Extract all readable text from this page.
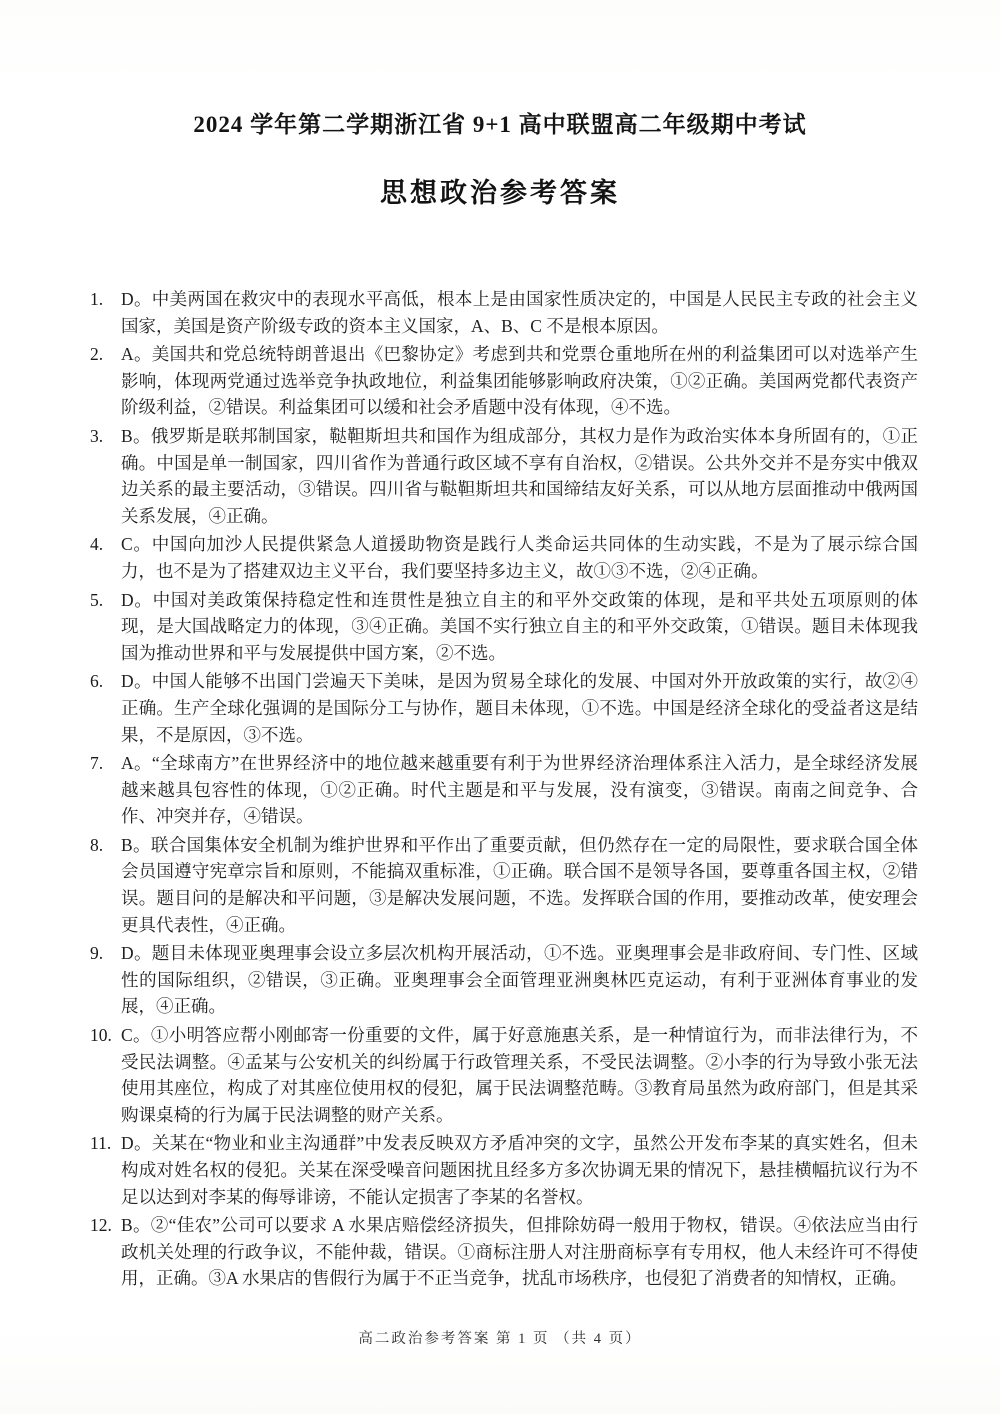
2024 学年第二学期浙江省 9+1 高中联盟高二年级期中考试
思想政治参考答案
1.	D。中美两国在救灾中的表现水平高低，根本上是由国家性质决定的，中国是人民民主专政的社会主义国家，美国是资产阶级专政的资本主义国家，A、B、C 不是根本原因。
2.	A。美国共和党总统特朗普退出《巴黎协定》考虑到共和党票仓重地所在州的利益集团可以对选举产生影响，体现两党通过选举竞争执政地位，利益集团能够影响政府决策，①②正确。美国两党都代表资产阶级利益，②错误。利益集团可以缓和社会矛盾题中没有体现，④不选。
3.	B。俄罗斯是联邦制国家，鞑靼斯坦共和国作为组成部分，其权力是作为政治实体本身所固有的，①正确。中国是单一制国家，四川省作为普通行政区域不享有自治权，②错误。公共外交并不是夯实中俄双边关系的最主要活动，③错误。四川省与鞑靼斯坦共和国缔结友好关系，可以从地方层面推动中俄两国关系发展，④正确。
4.	C。中国向加沙人民提供紧急人道援助物资是践行人类命运共同体的生动实践，不是为了展示综合国力，也不是为了搭建双边主义平台，我们要坚持多边主义，故①③不选，②④正确。
5.	D。中国对美政策保持稳定性和连贯性是独立自主的和平外交政策的体现，是和平共处五项原则的体现，是大国战略定力的体现，③④正确。美国不实行独立自主的和平外交政策，①错误。题目未体现我国为推动世界和平与发展提供中国方案，②不选。
6.	D。中国人能够不出国门尝遍天下美味，是因为贸易全球化的发展、中国对外开放政策的实行，故②④正确。生产全球化强调的是国际分工与协作，题目未体现，①不选。中国是经济全球化的受益者这是结果，不是原因，③不选。
7.	A。“全球南方”在世界经济中的地位越来越重要有利于为世界经济治理体系注入活力，是全球经济发展越来越具包容性的体现，①②正确。时代主题是和平与发展，没有演变，③错误。南南之间竞争、合作、冲突并存，④错误。
8.	B。联合国集体安全机制为维护世界和平作出了重要贡献，但仍然存在一定的局限性，要求联合国全体会员国遵守宪章宗旨和原则，不能搞双重标准，①正确。联合国不是领导各国，要尊重各国主权，②错误。题目问的是解决和平问题，③是解决发展问题，不选。发挥联合国的作用，要推动改革，使安理会更具代表性，④正确。
9.	D。题目未体现亚奥理事会设立多层次机构开展活动，①不选。亚奥理事会是非政府间、专门性、区域性的国际组织，②错误，③正确。亚奥理事会全面管理亚洲奥林匹克运动，有利于亚洲体育事业的发展，④正确。
10. C。①小明答应帮小刚邮寄一份重要的文件，属于好意施惠关系，是一种情谊行为，而非法律行为，不受民法调整。④孟某与公安机关的纠纷属于行政管理关系，不受民法调整。②小李的行为导致小张无法使用其座位，构成了对其座位使用权的侵犯，属于民法调整范畴。③教育局虽然为政府部门，但是其采购课桌椅的行为属于民法调整的财产关系。
11. D。关某在“物业和业主沟通群”中发表反映双方矛盾冲突的文字，虽然公开发布李某的真实姓名，但未构成对姓名权的侵犯。关某在深受噪音问题困扰且经多方多次协调无果的情况下，悬挂横幅抗议行为不足以达到对李某的侮辱诽谤，不能认定损害了李某的名誉权。
12. B。②“佳农”公司可以要求 A 水果店赔偿经济损失，但排除妨碍一般用于物权，错误。④依法应当由行政机关处理的行政争议，不能仲裁，错误。①商标注册人对注册商标享有专用权，他人未经许可不得使用，正确。③A 水果店的售假行为属于不正当竞争，扰乱市场秩序，也侵犯了消费者的知情权，正确。
高二政治参考答案 第 1 页 （共 4 页）
